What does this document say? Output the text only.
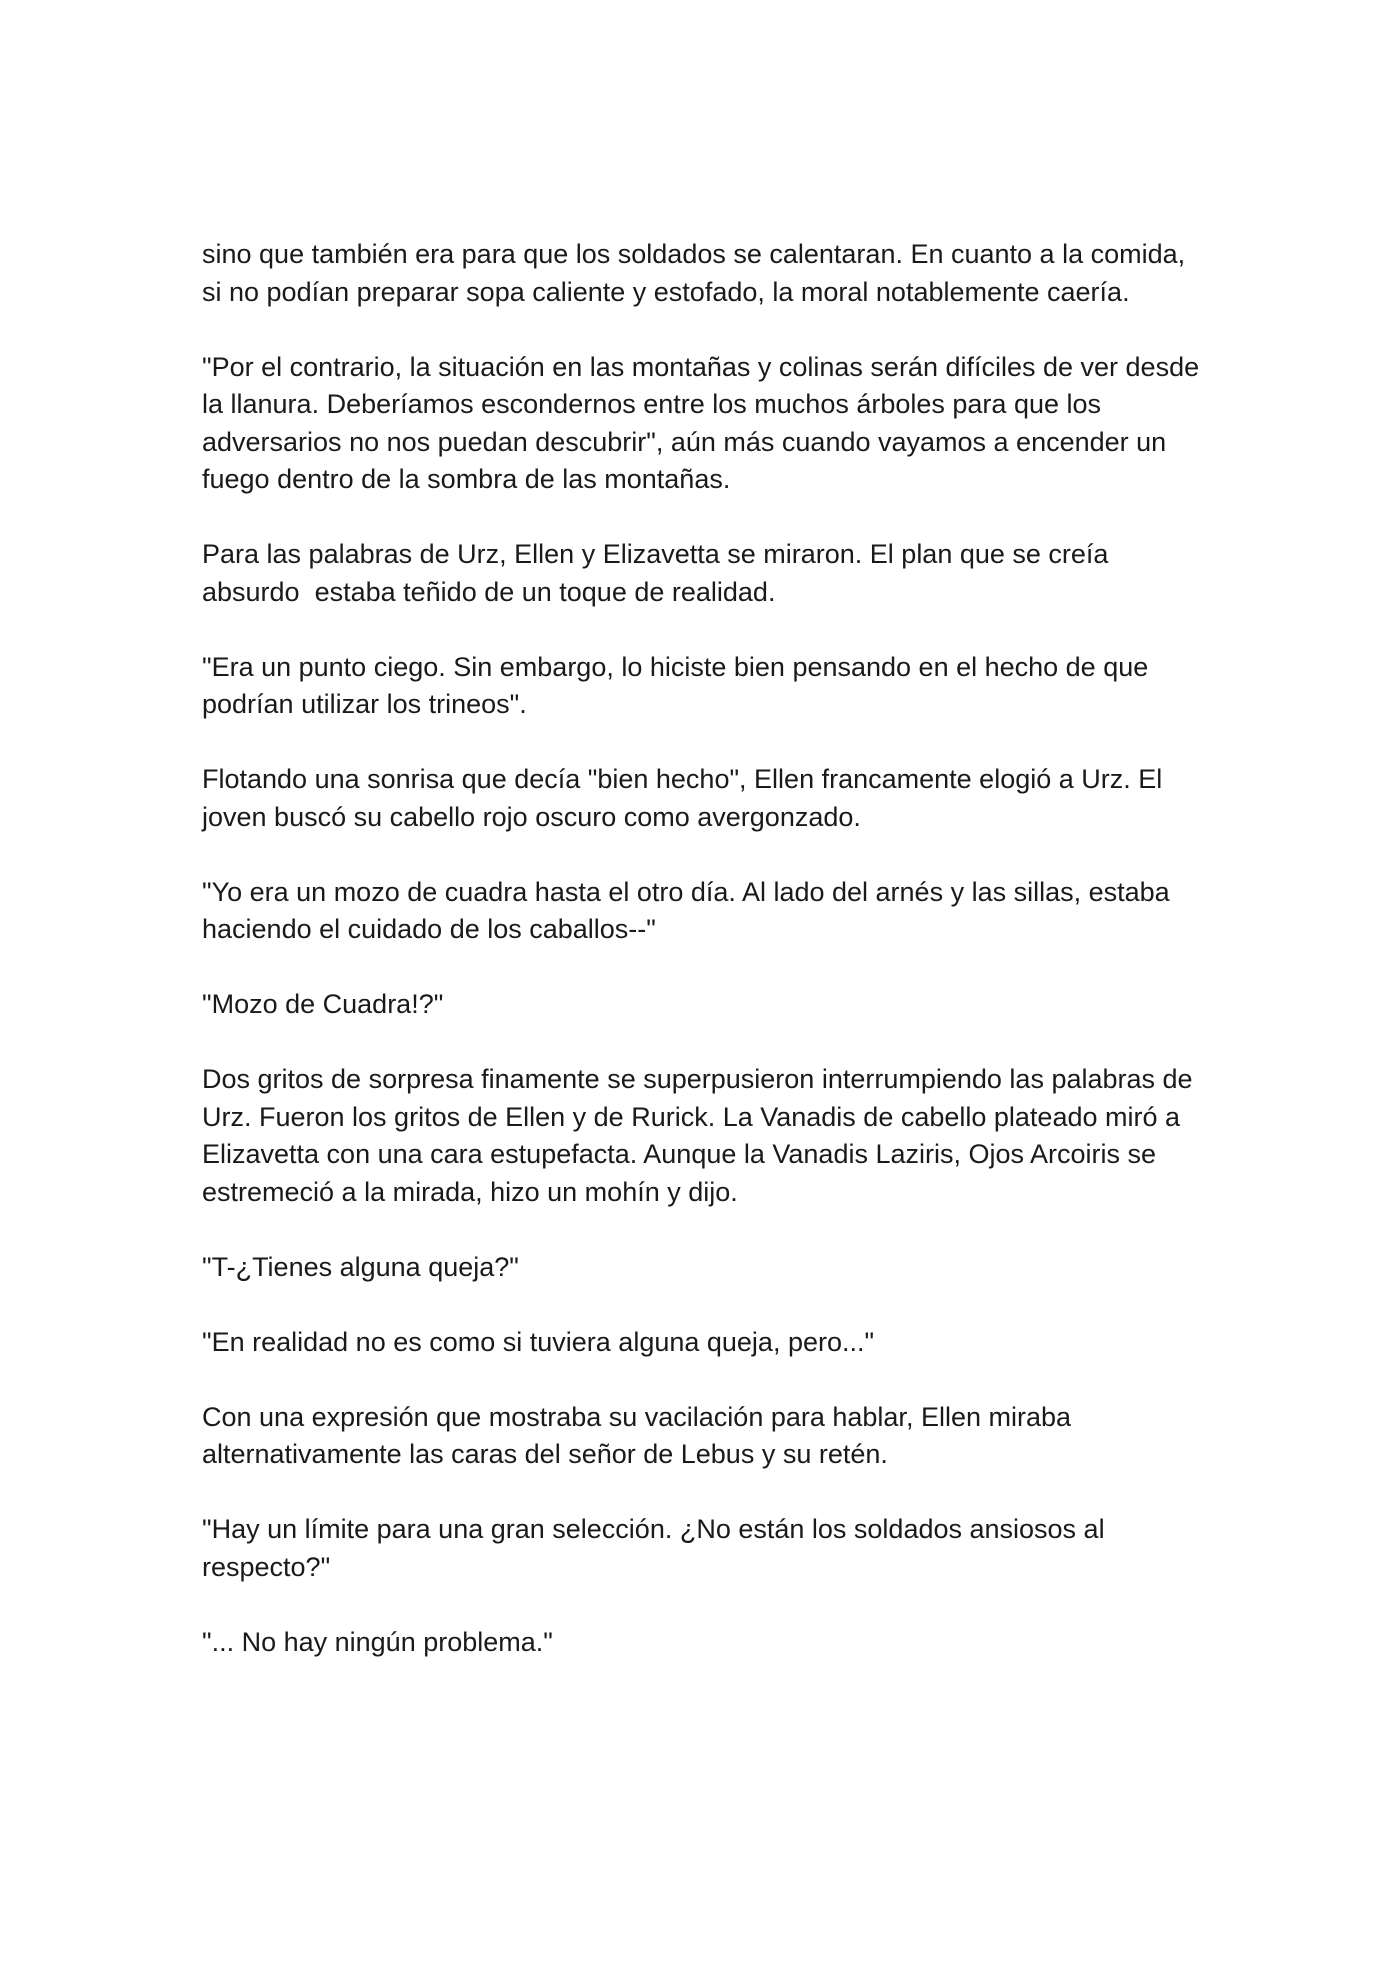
sino que también era para que los soldados se calentaran. En cuanto a la comida, si no podían preparar sopa caliente y estofado, la moral notablemente caería.

"Por el contrario, la situación en las montañas y colinas serán difíciles de ver desde la llanura. Deberíamos escondernos entre los muchos árboles para que los adversarios no nos puedan descubrir", aún más cuando vayamos a encender un fuego dentro de la sombra de las montañas.

Para las palabras de Urz, Ellen y Elizavetta se miraron. El plan que se creía absurdo  estaba teñido de un toque de realidad.

"Era un punto ciego. Sin embargo, lo hiciste bien pensando en el hecho de que podrían utilizar los trineos".

Flotando una sonrisa que decía "bien hecho", Ellen francamente elogió a Urz. El joven buscó su cabello rojo oscuro como avergonzado.

"Yo era un mozo de cuadra hasta el otro día. Al lado del arnés y las sillas, estaba haciendo el cuidado de los caballos--"

"Mozo de Cuadra!?"

Dos gritos de sorpresa finamente se superpusieron interrumpiendo las palabras de Urz. Fueron los gritos de Ellen y de Rurick. La Vanadis de cabello plateado miró a Elizavetta con una cara estupefacta. Aunque la Vanadis Laziris, Ojos Arcoiris se estremeció a la mirada, hizo un mohín y dijo.

"T-¿Tienes alguna queja?"

"En realidad no es como si tuviera alguna queja, pero..."

Con una expresión que mostraba su vacilación para hablar, Ellen miraba alternativamente las caras del señor de Lebus y su retén.

"Hay un límite para una gran selección. ¿No están los soldados ansiosos al respecto?"

"... No hay ningún problema."
